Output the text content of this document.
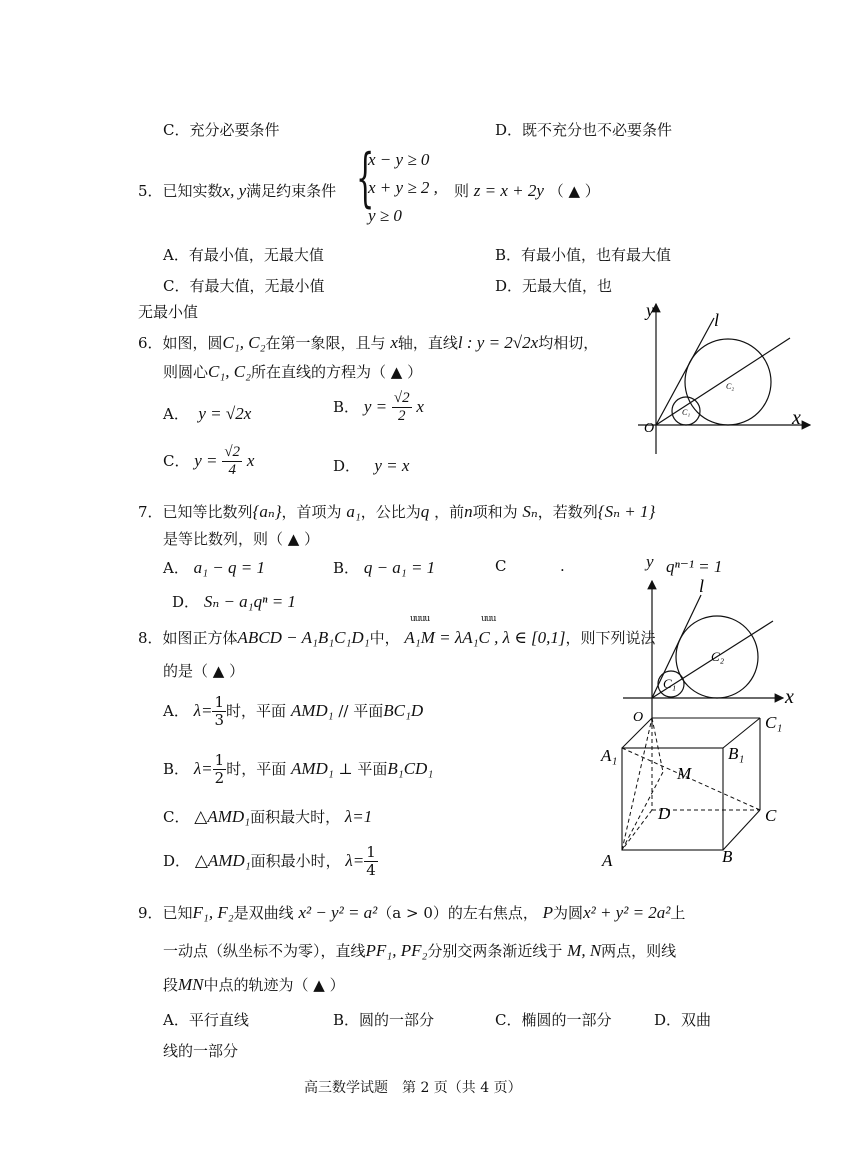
C．充分必要条件	D．既不充分也不必要条件
5．已知实数x, y满足约束条件 {
x − y ≥ 0
x + y ≥ 2 ,
y ≥ 0
则 z = x + 2y （ ▲ ）
A．有最小值，无最大值	B．有最小值，也有最大值
C．有最大值，无最小值	D．无最大值，也
无最小值
6．如图，圆C₁, C₂在第一象限，且与 x轴，直线l : y = 2√2x均相切，
则圆心C₁, C₂所在直线的方程为（ ▲ ）
A． y = √2x	B． $y = \frac{√2}{2}$ x
C． $y = \frac{√2}{4}$ x	D． y = x
y	l
x
O
C₁
C₂
7．已知等比数列{aₙ}，首项为 a₁，公比为q ，前n项和为 Sₙ，若数列{Sₙ + 1}
是等比数列，则（ ▲ ）
A． a₁ − q = 1	B． q − a₁ = 1	C	.	y qⁿ⁻¹ = 1
D． Sₙ − a₁qⁿ = 1
uuuu	uuu
8．如图正方体ABCD − A₁B₁C₁D₁中， A₁M = λA₁C , λ ∈ [0,1]，则下列说法
的是（ ▲ ）
A． $\lambda= \frac{1}{3}$ 时，平面 AMD₁ // 平面BC₁D
B． $\lambda= \frac{1}{2}$ 时，平面 AMD₁ ⊥ 平面B₁CD₁
C． △AMD₁面积最大时， λ=1
D． △AMD₁面积最小时， $\lambda= \frac{1}{4}$
l
x
O
C₁
C₂
A₁	B₁
C₁
M
D	C
A	B
9．已知F₁, F₂是双曲线 x² − y² = a²（a > 0）的左右焦点， P为圆x² + y² = 2a²上
一动点（纵坐标不为零），直线PF₁, PF₂分别交两条渐近线于 M, N两点，则线
段MN中点的轨迹为（ ▲ ）
A．平行直线	B．圆的一部分	C．椭圆的一部分	D．双曲
线的一部分
高三数学试题　第 2 页（共 4 页）
